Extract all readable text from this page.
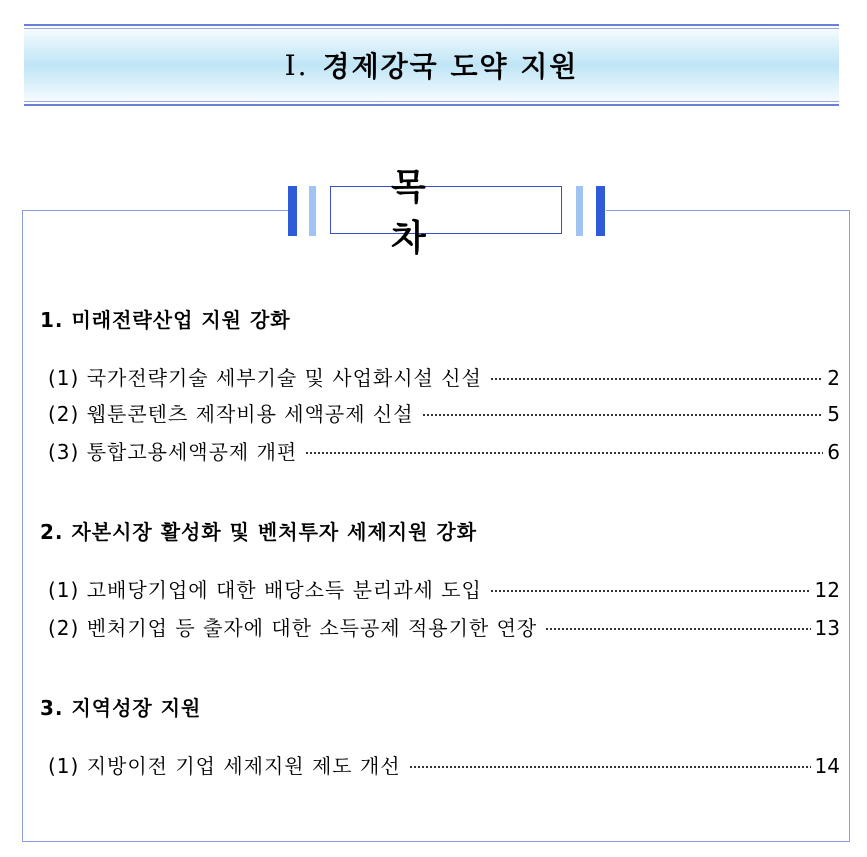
Ⅰ. 경제강국 도약 지원
목차
1. 미래전략산업 지원 강화
(1) 국가전략기술 세부기술 및 사업화시설 신설	2
(2) 웹툰콘텐츠 제작비용 세액공제 신설	5
(3) 통합고용세액공제 개편	6
2. 자본시장 활성화 및 벤처투자 세제지원 강화
(1) 고배당기업에 대한 배당소득 분리과세 도입	12
(2) 벤처기업 등 출자에 대한 소득공제 적용기한 연장	13
3. 지역성장 지원
(1) 지방이전 기업 세제지원 제도 개선	14
